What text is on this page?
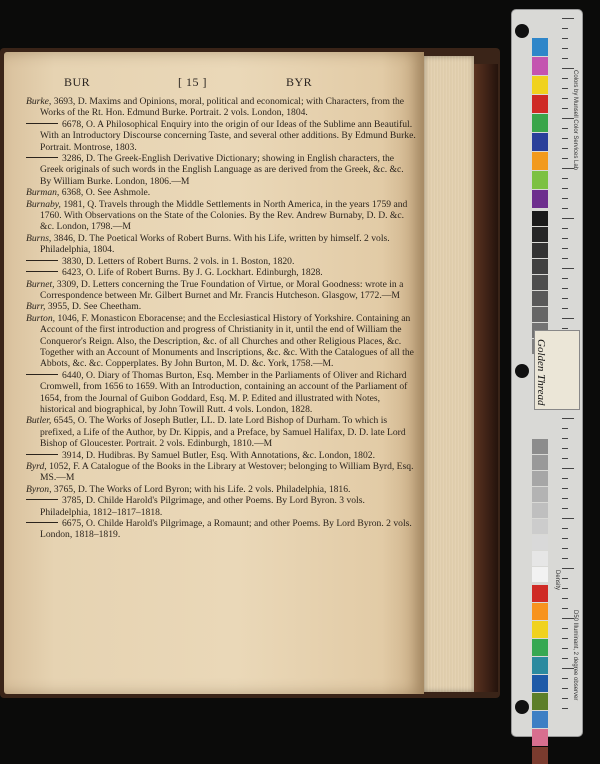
BUR	[ 15 ]	BYR

Burke, 3693, D. Maxims and Opinions, moral, political and economical; with Characters, from the Works of the Rt. Hon. Edmund Burke. Portrait. 2 vols. London, 1804.

6678, O. A Philosophical Enquiry into the origin of our Ideas of the Sublime ann Beautiful. With an Introductory Discourse concerning Taste, and several other additions. By Edmund Burke. Portrait. Montrose, 1803.

3286, D. The Greek-English Derivative Dictionary; showing in English characters, the Greek originals of such words in the English Language as are derived from the Greek, &c. &c. By William Burke. London, 1806.—M

Burman, 6368, O. See Ashmole.

Burnaby, 1981, Q. Travels through the Middle Settlements in North America, in the years 1759 and 1760. With Observations on the State of the Colonies. By the Rev. Andrew Burnaby, D. D. &c. &c. London, 1798.—M

Burns, 3846, D. The Poetical Works of Robert Burns. With his Life, written by himself. 2 vols. Philadelphia, 1804.

3830, D. Letters of Robert Burns. 2 vols. in 1. Boston, 1820.

6423, O. Life of Robert Burns. By J. G. Lockhart. Edinburgh, 1828.

Burnet, 3309, D. Letters concerning the True Foundation of Virtue, or Moral Goodness: wrote in a Correspondence between Mr. Gilbert Burnet and Mr. Francis Hutcheson. Glasgow, 1772.—M

Burr, 3955, D. See Cheetham.

Burton, 1046, F. Monasticon Eboracense; and the Ecclesiastical History of Yorkshire. Containing an Account of the first introduction and progress of Christianity in it, until the end of William the Conqueror's Reign. Also, the Description, &c. of all Churches and other Religious Places, &c. Together with an Account of Monuments and Inscriptions, &c. &c. With the Catalogues of all the Abbots, &c. &c. Copperplates. By John Burton, M. D. &c. York, 1758.—M.

6440, O. Diary of Thomas Burton, Esq. Member in the Parliaments of Oliver and Richard Cromwell, from 1656 to 1659. With an Introduction, containing an account of the Parliament of 1654, from the Journal of Guibon Goddard, Esq. M. P. Edited and illustrated with Notes, historical and biographical, by John Towill Rutt. 4 vols. London, 1828.

Butler, 6545, O. The Works of Joseph Butler, LL. D. late Lord Bishop of Durham. To which is prefixed, a Life of the Author, by Dr. Kippis, and a Preface, by Samuel Halifax, D. D. late Lord Bishop of Gloucester. Portrait. 2 vols. Edinburgh, 1810.—M

3914, D. Hudibras. By Samuel Butler, Esq. With Annotations, &c. London, 1802.

Byrd, 1052, F. A Catalogue of the Books in the Library at Westover; belonging to William Byrd, Esq. MS.—M

Byron, 3765, D. The Works of Lord Byron; with his Life. 2 vols. Philadelphia, 1816.

3785, D. Childe Harold's Pilgrimage, and other Poems. By Lord Byron. 3 vols. Philadelphia, 1812–1817–1818.

6675, O. Childe Harold's Pilgrimage, a Romaunt; and other Poems. By Lord Byron. 2 vols. London, 1818–1819.

Colors by Munsell Color Services Lab
D50 Illuminant, 2 degree observer
Density
Golden Thread
